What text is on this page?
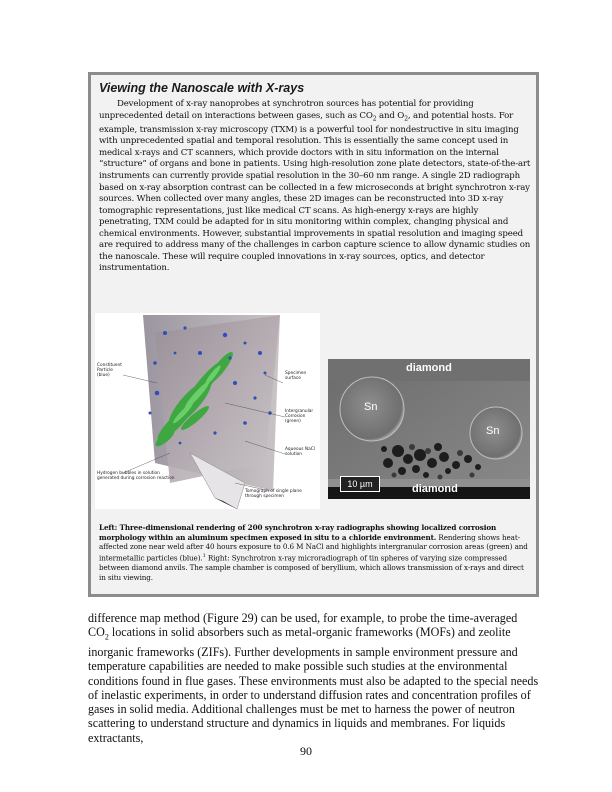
Viewing the Nanoscale with X-rays
Development of x-ray nanoprobes at synchrotron sources has potential for providing unprecedented detail on interactions between gases, such as $CO_2$ and $O_2$, and potential hosts. For example, transmission x-ray microscopy (TXM) is a powerful tool for nondestructive in situ imaging with unprecedented spatial and temporal resolution. This is essentially the same concept used in medical x-rays and CT scanners, which provide doctors with in situ information on the internal “structure” of organs and bone in patients. Using high-resolution zone plate detectors, state-of-the-art instruments can currently provide spatial resolution in the 30–60 nm range. A single 2D radiograph based on x-ray absorption contrast can be collected in a few microseconds at bright synchrotron x-ray sources. When collected over many angles, these 2D images can be reconstructed into 3D x-ray tomographic representations, just like medical CT scans. As high-energy x-rays are highly penetrating, TXM could be adapted for in situ monitoring within complex, changing physical and chemical environments. However, substantial improvements in spatial resolution and imaging speed are required to address many of the challenges in carbon capture science to allow dynamic studies on the nanoscale. These will require coupled innovations in x-ray sources, optics, and detector instrumentation.
Constituent Particle (blue)	Specimen surface
Intergranular Corrosion (green)
Aqueous NaCl solution
Hydrogen bubbles in solution generated during corrosion reaction
Tomograph of single plane through specimen
diamond
Sn
Sn
10 µm	diamond
Left: Three-dimensional rendering of 200 synchrotron x-ray radiographs showing localized corrosion morphology within an aluminum specimen exposed in situ to a chloride environment. Rendering shows heat-affected zone near weld after 40 hours exposure to 0.6 M NaCl and highlights intergranular corrosion areas (green) and intermetallic particles (blue).$^1$ Right: Synchrotron x-ray microradiograph of tin spheres of varying size compressed between diamond anvils. The sample chamber is composed of beryllium, which allows transmission of x-rays and direct in situ viewing.
difference map method (Figure 29) can be used, for example, to probe the time-averaged $CO_2$ locations in solid absorbers such as metal-organic frameworks (MOFs) and zeolite inorganic frameworks (ZIFs). Further developments in sample environment pressure and temperature capabilities are needed to make possible such studies at the environmental conditions found in flue gases. These environments must also be adapted to the special needs of inelastic experiments, in order to understand diffusion rates and concentration profiles of gases in solid media. Additional challenges must be met to harness the power of neutron scattering to understand structure and dynamics in liquids and membranes. For liquids extractants,
90
